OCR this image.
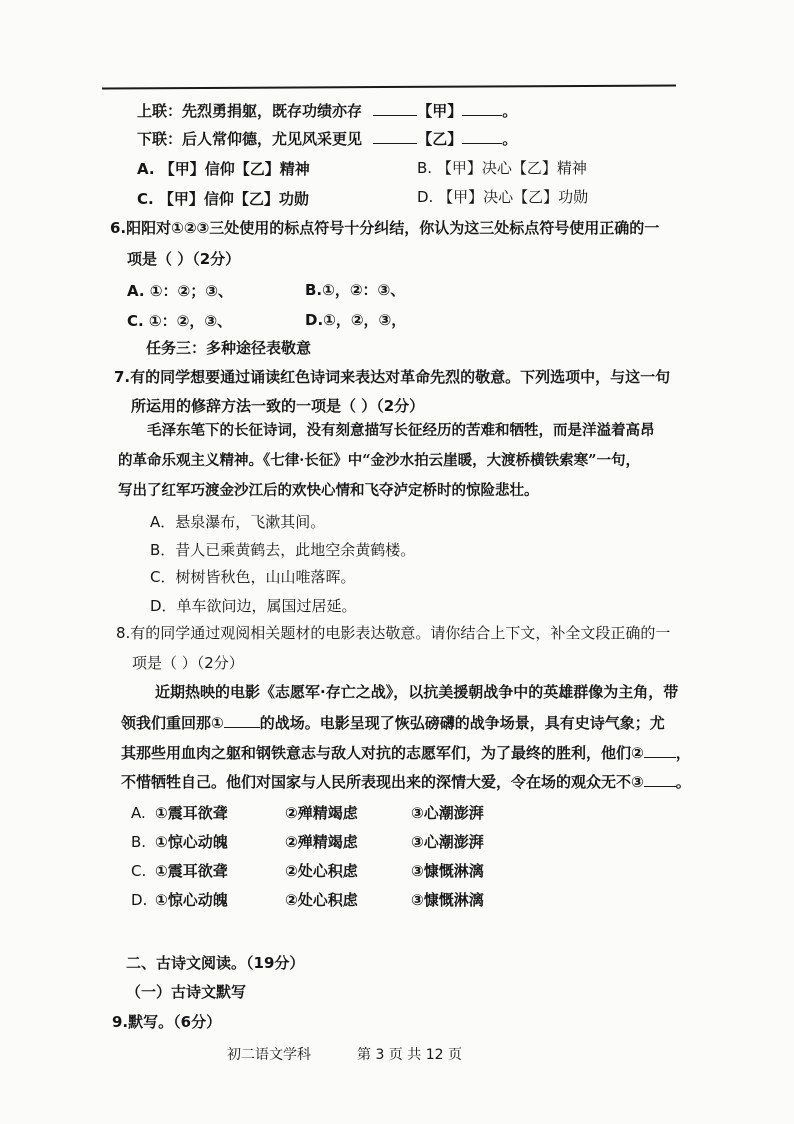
上联：先烈勇捐躯，既存功绩亦存	【甲】	。
下联：后人常仰德，尤见风采更见	【乙】	。
A. 【甲】信仰【乙】精神	B. 【甲】决心【乙】精神
C. 【甲】信仰【乙】功勋	D. 【甲】决心【乙】功勋
6.阳阳对①②③三处使用的标点符号十分纠结，你认为这三处标点符号使用正确的一
项是（ ）（2分）
A. ①：②；③、	B.①，②：③、
C. ①：②，③、	D.①，②，③，
任务三：多种途径表敬意
7.有的同学想要通过诵读红色诗词来表达对革命先烈的敬意。下列选项中，与这一句
所运用的修辞方法一致的一项是（ ）（2分）
毛泽东笔下的长征诗词，没有刻意描写长征经历的苦难和牺牲，而是洋溢着高昂
的革命乐观主义精神。《七律·长征》中“金沙水拍云崖暖，大渡桥横铁索寒”一句，
写出了红军巧渡金沙江后的欢快心情和飞夺泸定桥时的惊险悲壮。
A．悬泉瀑布，飞漱其间。
B．昔人已乘黄鹤去，此地空余黄鹤楼。
C．树树皆秋色，山山唯落晖。
D．单车欲问边，属国过居延。
8.有的同学通过观阅相关题材的电影表达敬意。请你结合上下文，补全文段正确的一
项是（ ）（2分）
近期热映的电影《志愿军·存亡之战》，以抗美援朝战争中的英雄群像为主角，带
领我们重回那① 的战场。电影呈现了恢弘磅礴的战争场景，具有史诗气象；尤
其那些用血肉之躯和钢铁意志与敌人对抗的志愿军们，为了最终的胜利，他们② ，
不惜牺牲自己。他们对国家与人民所表现出来的深情大爱，令在场的观众无不③ 。
A. ①震耳欲聋	②殚精竭虑	③心潮澎湃
B. ①惊心动魄	②殚精竭虑	③心潮澎湃
C. ①震耳欲聋	②处心积虑	③慷慨淋漓
D. ①惊心动魄	②处心积虑	③慷慨淋漓
二、古诗文阅读。（19分）
（一）古诗文默写
9.默写。（6分）
初二语文学科	第 3 页 共 12 页
